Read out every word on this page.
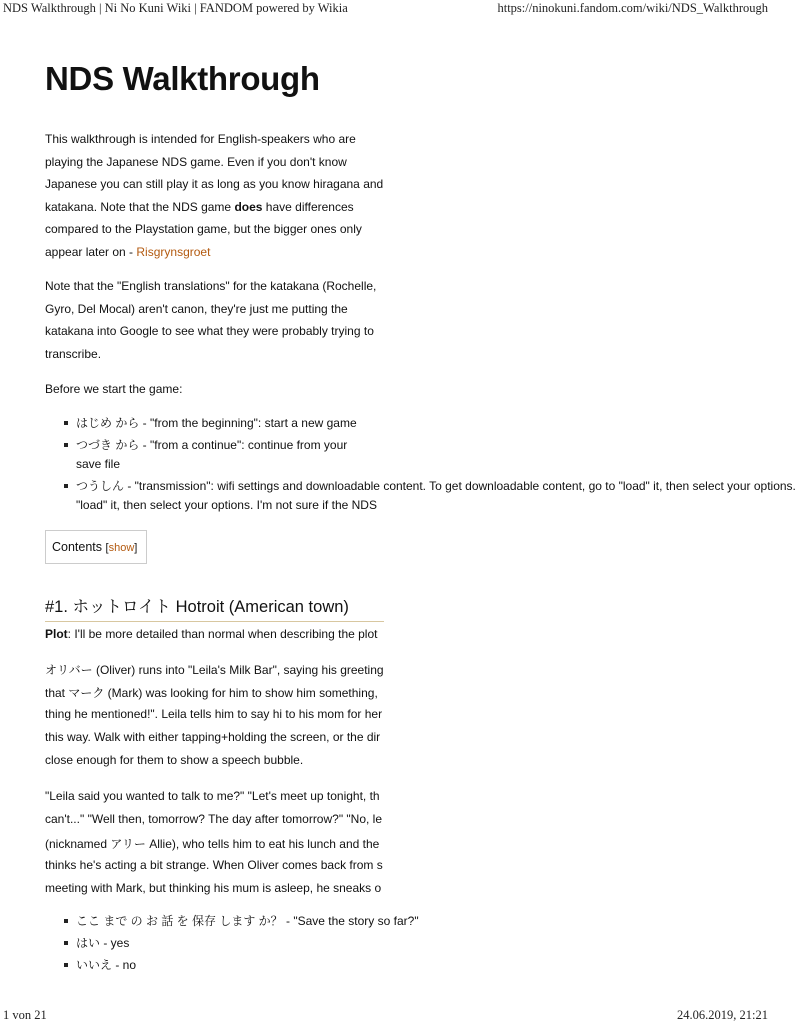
NDS Walkthrough | Ni No Kuni Wiki | FANDOM powered by Wikia	https://ninokuni.fandom.com/wiki/NDS_Walkthrough
NDS Walkthrough

This walkthrough is intended for English-speakers who are playing the Japanese NDS game. Even if you don't know Japanese you can still play it as long as you know hiragana and katakana. Note that the NDS game does have differences compared to the Playstation game, but the bigger ones only appear later on - Risgrynsgroet

Note that the "English translations" for the katakana (Rochelle, Gyro, Del Mocal) aren't canon, they're just me putting the katakana into Google to see what they were probably trying to transcribe.

Before we start the game:

はじめ から - "from the beginning": start a new game
つづき から - "from a continue": continue from your
save file
つうしん - "transmission": wifi settings and downloadable content. To get downloadable content, go to "load" it, then select your options.
"load" it, then select your options. I'm not sure if the NDS
Contents [show]
#1. ホットロイト Hotroit (American town)
Plot: I'll be more detailed than normal when describing the plot
オリバー (Oliver) runs into "Leila's Milk Bar", saying his greeting
that マーク (Mark) was looking for him to show him something,
thing he mentioned!". Leila tells him to say hi to his mom for her
this way. Walk with either tapping+holding the screen, or the dir
close enough for them to show a speech bubble.
"Leila said you wanted to talk to me?" "Let's meet up tonight, th
can't..." "Well then, tomorrow? The day after tomorrow?" "No, le
(nicknamed アリー Allie), who tells him to eat his lunch and the
thinks he's acting a bit strange. When Oliver comes back from s
meeting with Mark, but thinking his mum is asleep, he sneaks o
ここ まで の お 話 を 保存 します か？ - "Save the story so far?"
はい - yes
いいえ - no
1 von 21	24.06.2019, 21:21
